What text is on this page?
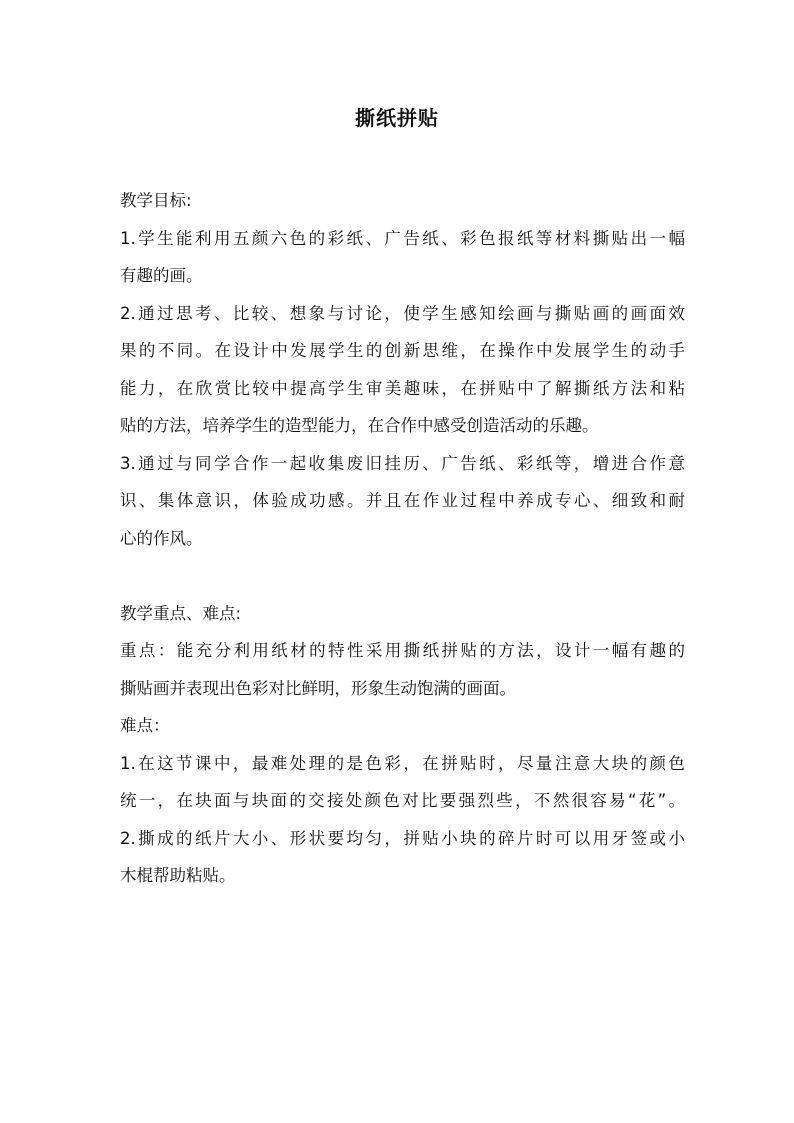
撕纸拼贴
教学目标:
1.学生能利用五颜六色的彩纸、广告纸、彩色报纸等材料撕贴出一幅
有趣的画。
2.通过思考、比较、想象与讨论，使学生感知绘画与撕贴画的画面效
果的不同。在设计中发展学生的创新思维，在操作中发展学生的动手
能力，在欣赏比较中提高学生审美趣味，在拼贴中了解撕纸方法和粘
贴的方法，培养学生的造型能力，在合作中感受创造活动的乐趣。
3.通过与同学合作一起收集废旧挂历、广告纸、彩纸等，增进合作意
识、集体意识，体验成功感。并且在作业过程中养成专心、细致和耐
心的作风。
教学重点、难点:
重点：能充分利用纸材的特性采用撕纸拼贴的方法，设计一幅有趣的
撕贴画并表现出色彩对比鲜明，形象生动饱满的画面。
难点：
1.在这节课中，最难处理的是色彩，在拼贴时，尽量注意大块的颜色
统一，在块面与块面的交接处颜色对比要强烈些，不然很容易“花”。
2.撕成的纸片大小、形状要均匀，拼贴小块的碎片时可以用牙签或小
木棍帮助粘贴。
